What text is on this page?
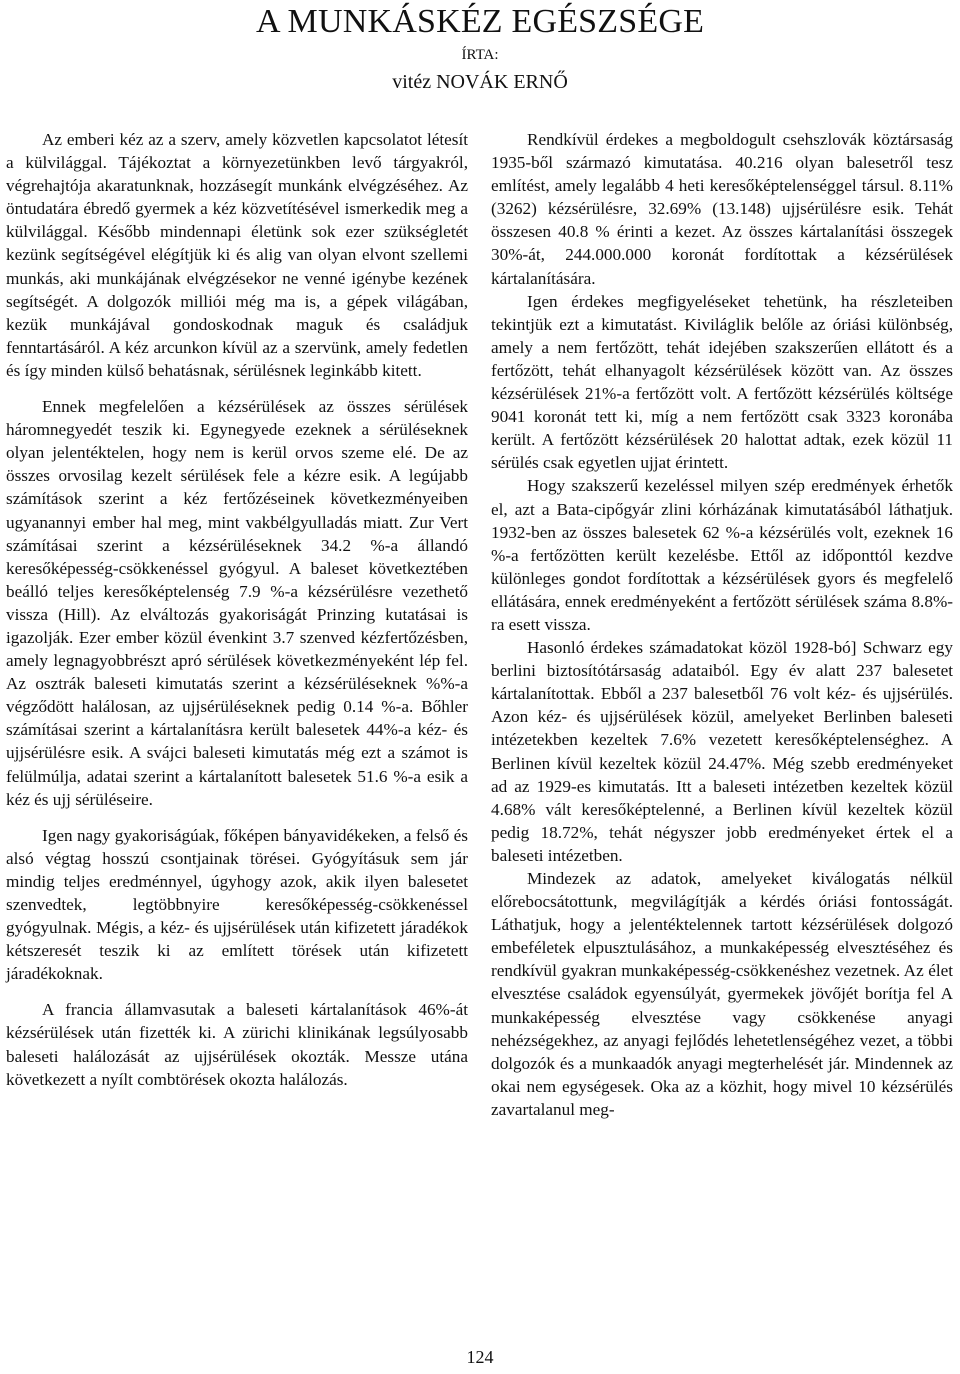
A MUNKÁSKÉZ EGÉSZSÉGE
ÍRTA:
vitéz NOVÁK ERNŐ

Az emberi kéz az a szerv, amely közvetlen kapcsolatot létesít a külvilággal. Tájékoztat a környezetünkben levő tárgyakról, végrehajtója akaratunknak, hozzásegít munkánk elvégzéséhez. Az öntudatára ébredő gyermek a kéz közvetítésével ismerkedik meg a külvilággal. Később mindennapi életünk sok ezer szükségletét kezünk segítségével elégítjük ki és alig van olyan elvont szellemi munkás, aki munkájának elvégzésekor ne venné igénybe kezének segítségét. A dolgozók milliói még ma is, a gépek világában, kezük munkájával gondoskodnak maguk és családjuk fenntartásáról. A kéz arcunkon kívül az a szervünk, amely fedetlen és így minden külső behatásnak, sérülésnek leginkább kitett.

Ennek megfelelően a kézsérülések az összes sérülések háromnegyedét teszik ki. Egynegyede ezeknek a sérüléseknek olyan jelentéktelen, hogy nem is kerül orvos szeme elé. De az összes orvosilag kezelt sérülések fele a kézre esik. A legújabb számítások szerint a kéz fertőzéseinek következményeiben ugyanannyi ember hal meg, mint vakbélgyulladás miatt. Zur Vert számításai szerint a kézsérüléseknek 34.2 %-a állandó keresőképesség-csökkenéssel gyógyul. A baleset következtében beálló teljes keresőképtelenség 7.9 %-a kézsérülésre vezethető vissza (Hill). Az elváltozás gyakoriságát Prinzing kutatásai is igazolják. Ezer ember közül évenkint 3.7 szenved kézfertőzésben, amely legnagyobbrészt apró sérülések következményeként lép fel. Az osztrák baleseti kimutatás szerint a kézsérüléseknek %%-a végződött halálosan, az ujjsérüléseknek pedig 0.14 %-a. Bőhler számításai szerint a kártalanításra került balesetek 44%-a kéz- és ujjsérülésre esik. A svájci baleseti kimutatás még ezt a számot is felülmúlja, adatai szerint a kártalanított balesetek 51.6 %-a esik a kéz és ujj sérüléseire.

Igen nagy gyakoriságúak, főképen bányavidékeken, a felső és alsó végtag hosszú csontjainak törései. Gyógyításuk sem jár mindig teljes eredménnyel, úgyhogy azok, akik ilyen balesetet szenvedtek, legtöbbnyire keresőképesség-csökkenéssel gyógyulnak. Mégis, a kéz- és ujjsérülések után kifizetett járadékok kétszeresét teszik ki az említett törések után kifizetett járadékoknak.

A francia államvasutak a baleseti kártalanítások 46%-át kézsérülések után fizették ki. A zürichi klinikának legsúlyosabb baleseti halálozását az ujjsérülések okozták. Messze utána következett a nyílt combtörések okozta halálozás.

Rendkívül érdekes a megboldogult csehszlovák köztársaság 1935-ből származó kimutatása. 40.216 olyan balesetről tesz említést, amely legalább 4 heti keresőképtelenséggel társul. 8.11% (3262) kézsérülésre, 32.69% (13.148) ujjsérülésre esik. Tehát összesen 40.8 % érinti a kezet. Az összes kártalanítási összegek 30%-át, 244.000.000 koronát fordítottak a kézsérülések kártalanítására.

Igen érdekes megfigyeléseket tehetünk, ha részleteiben tekintjük ezt a kimutatást. Kiviláglik belőle az óriási különbség, amely a nem fertőzött, tehát idejében szakszerűen ellátott és a fertőzött, tehát elhanyagolt kézsérülések között van. Az összes kézsérülések 21%-a fertőzött volt. A fertőzött kézsérülés költsége 9041 koronát tett ki, míg a nem fertőzött csak 3323 koronába került. A fertőzött kézsérülések 20 halottat adtak, ezek közül 11 sérülés csak egyetlen ujjat érintett.

Hogy szakszerű kezeléssel milyen szép eredmények érhetők el, azt a Bata-cipőgyár zlini kórházának kimutatásából láthatjuk. 1932-ben az összes balesetek 62 %-a kézsérülés volt, ezeknek 16 %-a fertőzötten került kezelésbe. Ettől az időponttól kezdve különleges gondot fordítottak a kézsérülések gyors és megfelelő ellátására, ennek eredményeként a fertőzött sérülések száma 8.8%-ra esett vissza.

Hasonló érdekes számadatokat közöl 1928-bó] Schwarz egy berlini biztosítótársaság adataiból. Egy év alatt 237 balesetet kártalanítottak. Ebből a 237 balesetből 76 volt kéz- és ujjsérülés. Azon kéz- és ujjsérülések közül, amelyeket Berlinben baleseti intézetekben kezeltek 7.6% vezetett keresőképtelenséghez. A Berlinen kívül kezeltek közül 24.47%. Még szebb eredményeket ad az 1929-es kimutatás. Itt a baleseti intézetben kezeltek közül 4.68% vált keresőképtelenné, a Berlinen kívül kezeltek közül pedig 18.72%, tehát négyszer jobb eredményeket értek el a baleseti intézetben.

Mindezek az adatok, amelyeket kiválogatás nélkül előrebocsátottunk, megvilágítják a kérdés óriási fontosságát. Láthatjuk, hogy a jelentéktelennek tartott kézsérülések dolgozó embeféletek elpusztulásához, a munkaképesség elvesztéséhez és rendkívül gyakran munkaképesség-csökkenéshez vezetnek. Az élet elvesztése családok egyensúlyát, gyermekek jövőjét borítja fel A munkaképesség elvesztése vagy csökkenése anyagi nehézségekhez, az anyagi fejlődés lehetetlenségéhez vezet, a többi dolgozók és a munkaadók anyagi megterhelését jár. Mindennek az okai nem egységesek. Oka az a közhit, hogy mivel 10 kézsérülés zavartalanul meg-

124
